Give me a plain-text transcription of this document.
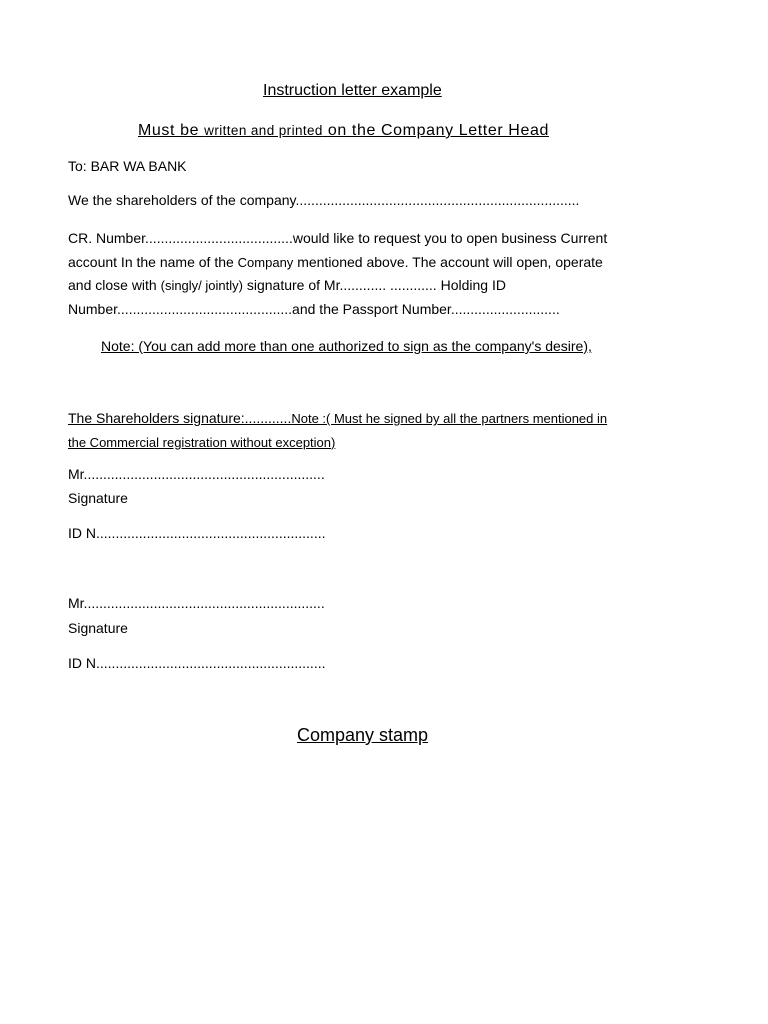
Instruction letter example
Must be written and printed on the Company Letter Head
To: BAR WA BANK
We the shareholders of the company.........................................................................
CR. Number......................................would like to request you to open business Current
account In the name of the Company mentioned above. The account will open, operate
and close with (singly/ jointly) signature of Mr............ ............ Holding ID
Number.............................................and the Passport Number............................
Note: (You can add more than one authorized to sign as the company's desire),
The Shareholders signature:............Note :( Must he signed by all the partners mentioned in
the Commercial registration without exception)
Mr..............................................................
Signature
ID N...........................................................
Mr..............................................................
Signature
ID N...........................................................
Company stamp
